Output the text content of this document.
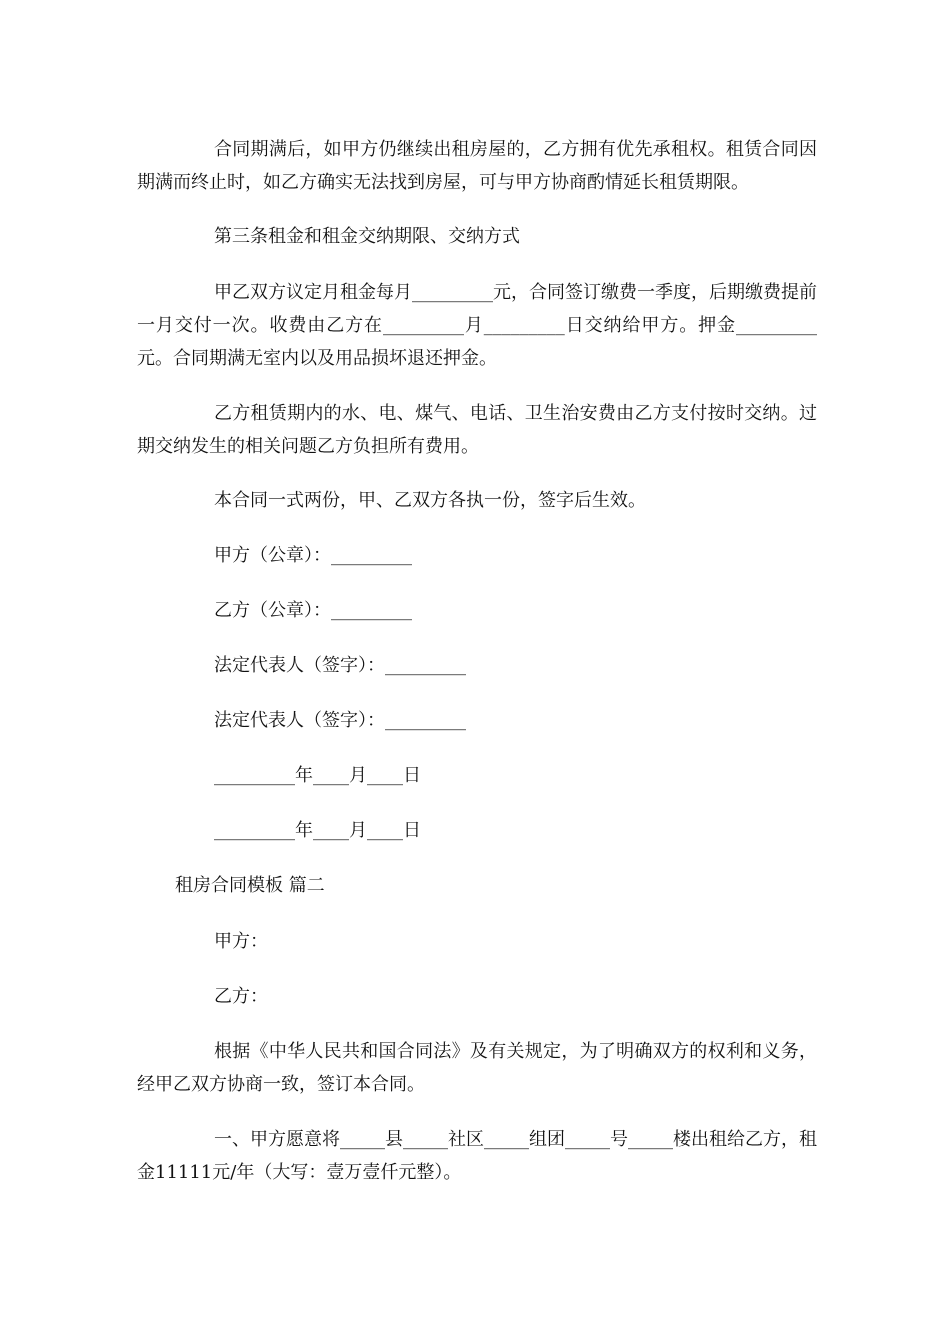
合同期满后，如甲方仍继续出租房屋的，乙方拥有优先承租权。租赁合同因期满而终止时，如乙方确实无法找到房屋，可与甲方协商酌情延长租赁期限。

第三条租金和租金交纳期限、交纳方式

甲乙双方议定月租金每月_________元，合同签订缴费一季度，后期缴费提前一月交付一次。收费由乙方在_________月_________日交纳给甲方。押金_________元。合同期满无室内以及用品损坏退还押金。

乙方租赁期内的水、电、煤气、电话、卫生治安费由乙方支付按时交纳。过期交纳发生的相关问题乙方负担所有费用。

本合同一式两份，甲、乙双方各执一份，签字后生效。

甲方（公章）：_________

乙方（公章）：_________

法定代表人（签字）：_________

法定代表人（签字）：_________

_________年____月____日

_________年____月____日

租房合同模板 篇二

甲方：

乙方：

根据《中华人民共和国合同法》及有关规定，为了明确双方的权利和义务，经甲乙双方协商一致，签订本合同。

一、甲方愿意将_____县_____社区_____组团_____号_____楼出租给乙方，租金11111元/年（大写：壹万壹仟元整）。
